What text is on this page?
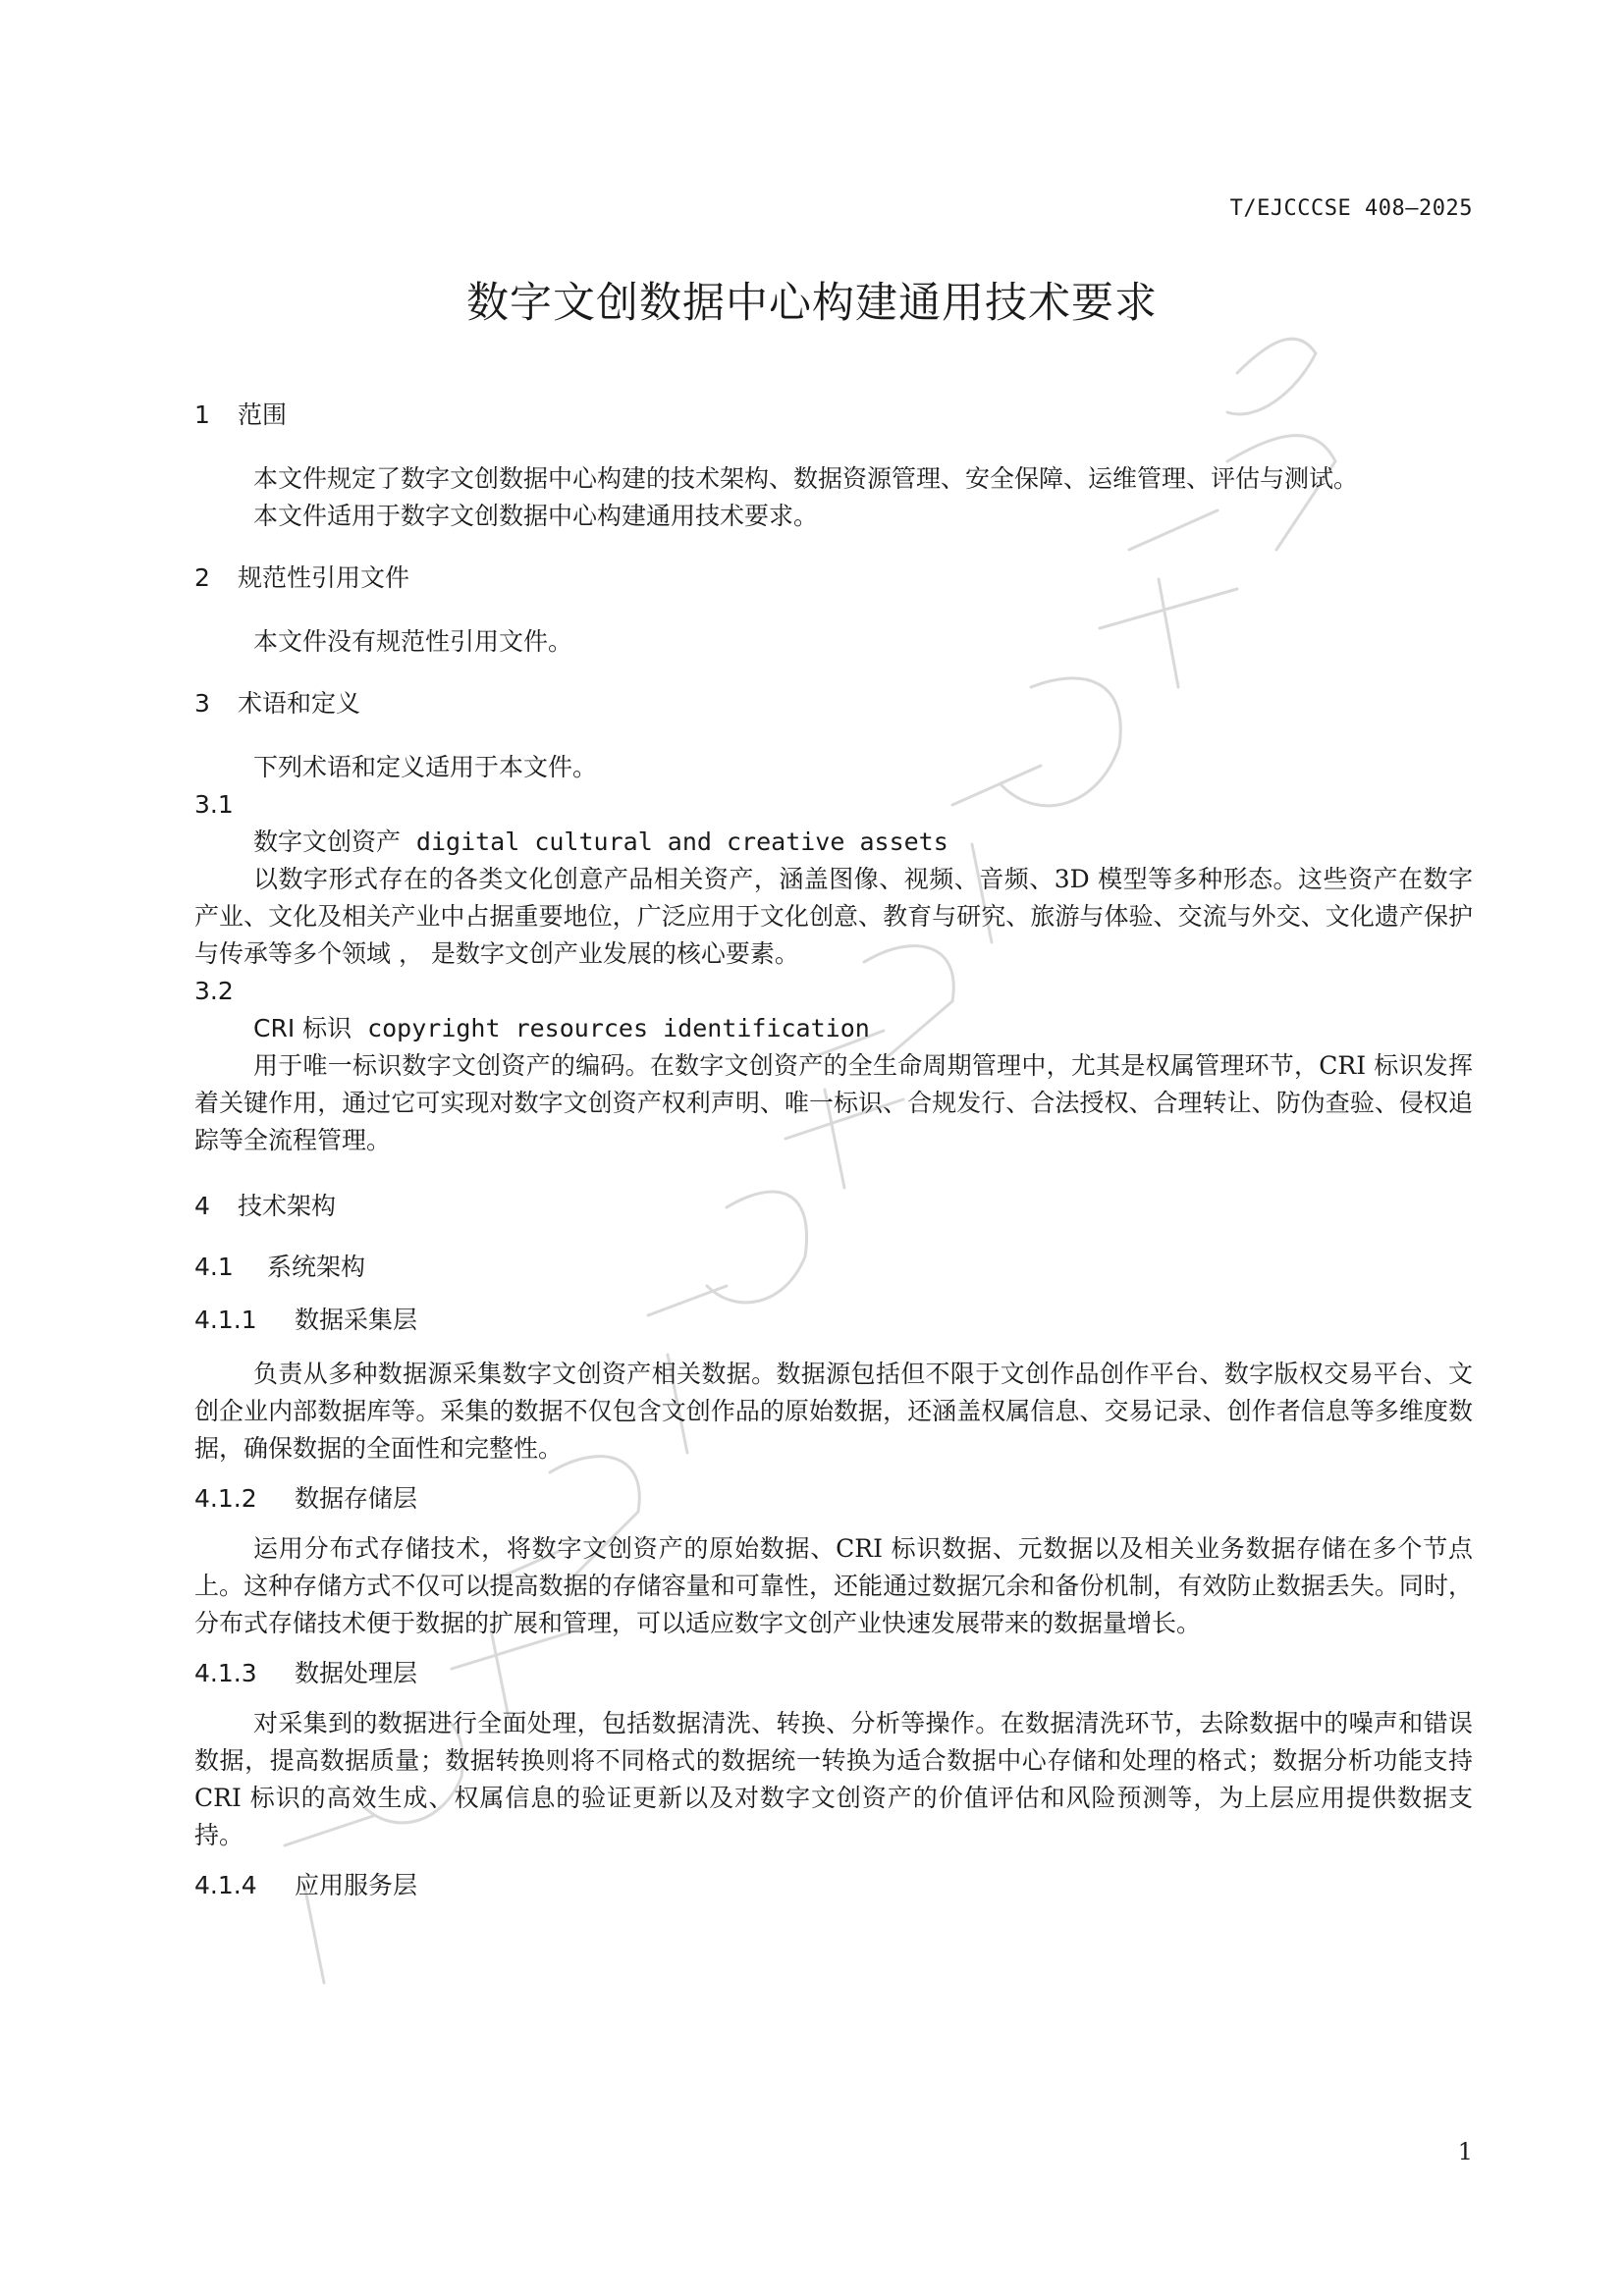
T/EJCCCSE 408—2025
数字文创数据中心构建通用技术要求
1 范围

本文件规定了数字文创数据中心构建的技术架构、数据资源管理、安全保障、运维管理、评估与测试。

本文件适用于数字文创数据中心构建通用技术要求。

2 规范性引用文件

本文件没有规范性引用文件。

3 术语和定义

下列术语和定义适用于本文件。

3.1

数字文创资产 digital cultural and creative assets

以数字形式存在的各类文化创意产品相关资产，涵盖图像、视频、音频、3D 模型等多种形态。这些资产在数字产业、文化及相关产业中占据重要地位，广泛应用于文化创意、教育与研究、旅游与体验、交流与外交、文化遗产保护与传承等多个领域 ， 是数字文创产业发展的核心要素。

3.2

CRI 标识 copyright resources identification

用于唯一标识数字文创资产的编码。在数字文创资产的全生命周期管理中，尤其是权属管理环节，CRI 标识发挥着关键作用，通过它可实现对数字文创资产权利声明、唯一标识、合规发行、合法授权、合理转让、防伪查验、侵权追踪等全流程管理。

4 技术架构
4.1 系统架构
4.1.1 数据采集层

负责从多种数据源采集数字文创资产相关数据。数据源包括但不限于文创作品创作平台、数字版权交易平台、文创企业内部数据库等。采集的数据不仅包含文创作品的原始数据，还涵盖权属信息、交易记录、创作者信息等多维度数据，确保数据的全面性和完整性。

4.1.2 数据存储层

运用分布式存储技术，将数字文创资产的原始数据、CRI 标识数据、元数据以及相关业务数据存储在多个节点上。这种存储方式不仅可以提高数据的存储容量和可靠性，还能通过数据冗余和备份机制，有效防止数据丢失。同时，分布式存储技术便于数据的扩展和管理，可以适应数字文创产业快速发展带来的数据量增长。

4.1.3 数据处理层

对采集到的数据进行全面处理，包括数据清洗、转换、分析等操作。在数据清洗环节，去除数据中的噪声和错误数据，提高数据质量；数据转换则将不同格式的数据统一转换为适合数据中心存储和处理的格式；数据分析功能支持 CRI 标识的高效生成、权属信息的验证更新以及对数字文创资产的价值评估和风险预测等，为上层应用提供数据支持。

4.1.4 应用服务层
1
